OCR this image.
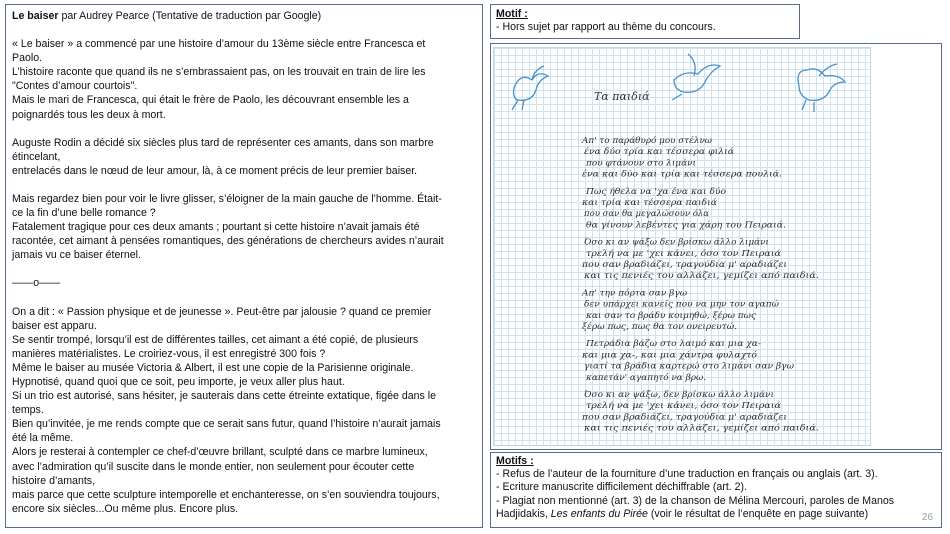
Le baiser par Audrey Pearce (Tentative de traduction par Google)

« Le baiser » a commencé par une histoire d’amour du 13ème siècle entre Francesca et

Paolo.

L’histoire raconte que quand ils ne s’embrassaient pas, on les trouvait en train de lire les

"Contes d’amour courtois".

Mais le mari de Francesca, qui était le frère de Paolo, les découvrant ensemble les a

poignardés tous les deux à mort.

Auguste Rodin a décidé six siècles plus tard de représenter ces amants, dans son marbre

étincelant,

entrelacés dans le nœud de leur amour, là, à ce moment précis de leur premier baiser.

Mais regardez bien pour voir le livre glisser, s’éloigner de la main gauche de l’homme. Était-

ce la fin d’une belle romance ?

Fatalement tragique pour ces deux amants ; pourtant si cette histoire n’avait jamais été

racontée, cet aimant à pensées romantiques, des générations de chercheurs avides n’aurait

jamais vu ce baiser éternel.

——o——

On a dit : « Passion physique et de jeunesse ». Peut-être par jalousie ? quand ce premier

baiser est apparu.

Se sentir trompé, lorsqu’il est de différentes tailles, cet aimant a été copié, de plusieurs

manières matérialistes. Le croiriez-vous, il est enregistré 300 fois ?

Même le baiser au musée Victoria & Albert, il est une copie de la Parisienne originale.

Hypnotisé, quand quoi que ce soit, peu importe, je veux aller plus haut.

Si un trio est autorisé, sans hésiter, je sauterais dans cette étreinte extatique, figée dans le

temps.

Bien qu’invitée, je me rends compte que ce serait sans futur, quand l’histoire n’aurait jamais

été la même.

Alors je resterai à contempler ce chef-d’œuvre brillant, sculpté dans ce marbre lumineux,

avec l’admiration qu’il suscite dans le monde entier, non seulement pour écouter cette

histoire d’amants,

mais parce que cette sculpture intemporelle et enchanteresse, on s’en souviendra toujours,

encore six siècles...Ou même plus. Encore plus.

Motif :
- Hors sujet par rapport au thème du concours.
Τα παιδιά
Απ' το παράθυρό μου στέλνω
ένα δύο τρία και τέσσερα φιλιά
που φτάνουν στο λιμάνι
ένα και δύο και τρία και τέσσερα πουλιά.
Πως ήθελα να 'χα ένα και δύο
και τρία και τέσσερα παιδιά
που σαν θα μεγαλώσουν όλα
θα γίνουν λεβέντες για χάρη του Πειραιά.
Όσο κι αν ψάξω δεν βρίσκω άλλο λιμάνι
τρελή να με 'χει κάνει, όσο τον Πειραιά
που σαν βραδιάζει, τραγούδια μ' αραδιάζει
και τις πενιές του αλλάζει, γεμίζει από παιδιά.
Απ' την πόρτα σαν βγω
δεν υπάρχει κανείς που να μην τον αγαπώ
και σαν το βράδυ κοιμηθώ, ξέρω πως
ξέρω πως, πως θα τον ονειρευτώ.
Πετράδια βάζω στο λαιμό και μια χα-
και μια χα-, και μια χάντρα φυλαχτό
γιατί τα βράδια καρτερώ στο λιμάνι σαν βγω
καπετάν' αγαπητό να βρω.
Όσο κι αν ψάξω, δεν βρίσκω άλλο λιμάνι
τρελή να με 'χει κάνει, όσο τον Πειραιά
που σαν βραδιάζει, τραγούδια μ' αραδιάζει
και τις πενιές του αλλάζει, γεμίζει από παιδιά.

Motifs :

- Refus de l’auteur de la fourniture d’une traduction en français ou anglais (art. 3).

- Ecriture manuscrite difficilement déchiffrable (art. 2).

- Plagiat non mentionné (art. 3) de la chanson de Mélina Mercouri, paroles de Manos

Hadjidakis, Les enfants du Pirée (voir le résultat de l’enquête en page suivante)	26
